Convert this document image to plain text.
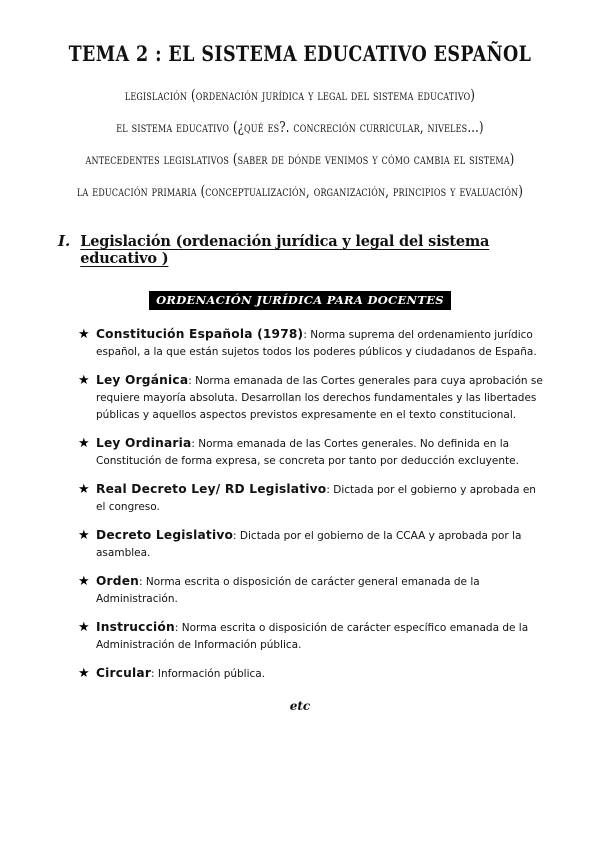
TEMA 2 : EL SISTEMA EDUCATIVO ESPAÑOL
legislación (ordenación jurídica y legal del sistema educativo)
el sistema educativo (¿qué es?. concreción curricular, niveles…)
antecedentes legislativos (saber de dónde venimos y cómo cambia el sistema)
la educación primaria (conceptualización, organización, principios y evaluación)
I. Legislación (ordenación jurídica y legal del sistema educativo )
ORDENACIÓN JURÍDICA PARA DOCENTES
★ Constitución Española (1978): Norma suprema del ordenamiento jurídico español, a la que están sujetos todos los poderes públicos y ciudadanos de España.
★ Ley Orgánica: Norma emanada de las Cortes generales para cuya aprobación se requiere mayoría absoluta. Desarrollan los derechos fundamentales y las libertades públicas y aquellos aspectos previstos expresamente en el texto constitucional.
★ Ley Ordinaria: Norma emanada de las Cortes generales. No definida en la Constitución de forma expresa, se concreta por tanto por deducción excluyente.
★ Real Decreto Ley/ RD Legislativo: Dictada por el gobierno y aprobada en el congreso.
★ Decreto Legislativo: Dictada por el gobierno de la CCAA y aprobada por la asamblea.
★ Orden: Norma escrita o disposición de carácter general emanada de la Administración.
★ Instrucción: Norma escrita o disposición de carácter específico emanada de la Administración de Información pública.
★ Circular: Información pública.
etc
